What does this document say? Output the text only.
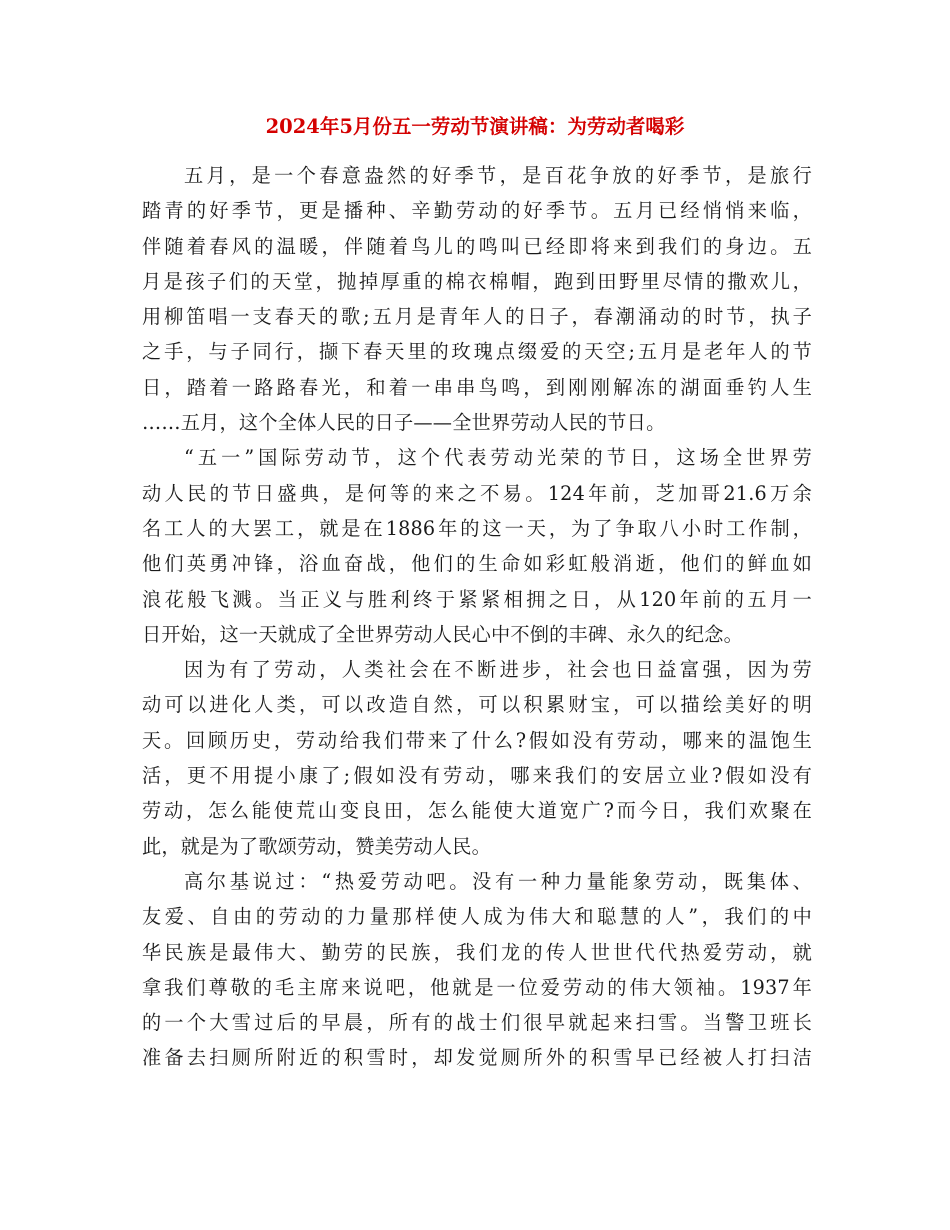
2024年5月份五一劳动节演讲稿：为劳动者喝彩
五月，是一个春意盎然的好季节，是百花争放的好季节，是旅行
踏青的好季节，更是播种、辛勤劳动的好季节。五月已经悄悄来临，
伴随着春风的温暖，伴随着鸟儿的鸣叫已经即将来到我们的身边。五
月是孩子们的天堂，抛掉厚重的棉衣棉帽，跑到田野里尽情的撒欢儿，
用柳笛唱一支春天的歌;五月是青年人的日子，春潮涌动的时节，执子
之手，与子同行，撷下春天里的玫瑰点缀爱的天空;五月是老年人的节
日，踏着一路路春光，和着一串串鸟鸣，到刚刚解冻的湖面垂钓人生
……五月，这个全体人民的日子——全世界劳动人民的节日。
“五一”国际劳动节，这个代表劳动光荣的节日，这场全世界劳
动人民的节日盛典，是何等的来之不易。124年前，芝加哥21.6万余
名工人的大罢工，就是在1886年的这一天，为了争取八小时工作制，
他们英勇冲锋，浴血奋战，他们的生命如彩虹般消逝，他们的鲜血如
浪花般飞溅。当正义与胜利终于紧紧相拥之日，从120年前的五月一
日开始，这一天就成了全世界劳动人民心中不倒的丰碑、永久的纪念。
因为有了劳动，人类社会在不断进步，社会也日益富强，因为劳
动可以进化人类，可以改造自然，可以积累财宝，可以描绘美好的明
天。回顾历史，劳动给我们带来了什么?假如没有劳动，哪来的温饱生
活，更不用提小康了;假如没有劳动，哪来我们的安居立业?假如没有
劳动，怎么能使荒山变良田，怎么能使大道宽广?而今日，我们欢聚在
此，就是为了歌颂劳动，赞美劳动人民。
高尔基说过：“热爱劳动吧。没有一种力量能象劳动，既集体、
友爱、自由的劳动的力量那样使人成为伟大和聪慧的人”，我们的中
华民族是最伟大、勤劳的民族，我们龙的传人世世代代热爱劳动，就
拿我们尊敬的毛主席来说吧，他就是一位爱劳动的伟大领袖。1937年
的一个大雪过后的早晨，所有的战士们很早就起来扫雪。当警卫班长
准备去扫厕所附近的积雪时，却发觉厕所外的积雪早已经被人打扫洁
